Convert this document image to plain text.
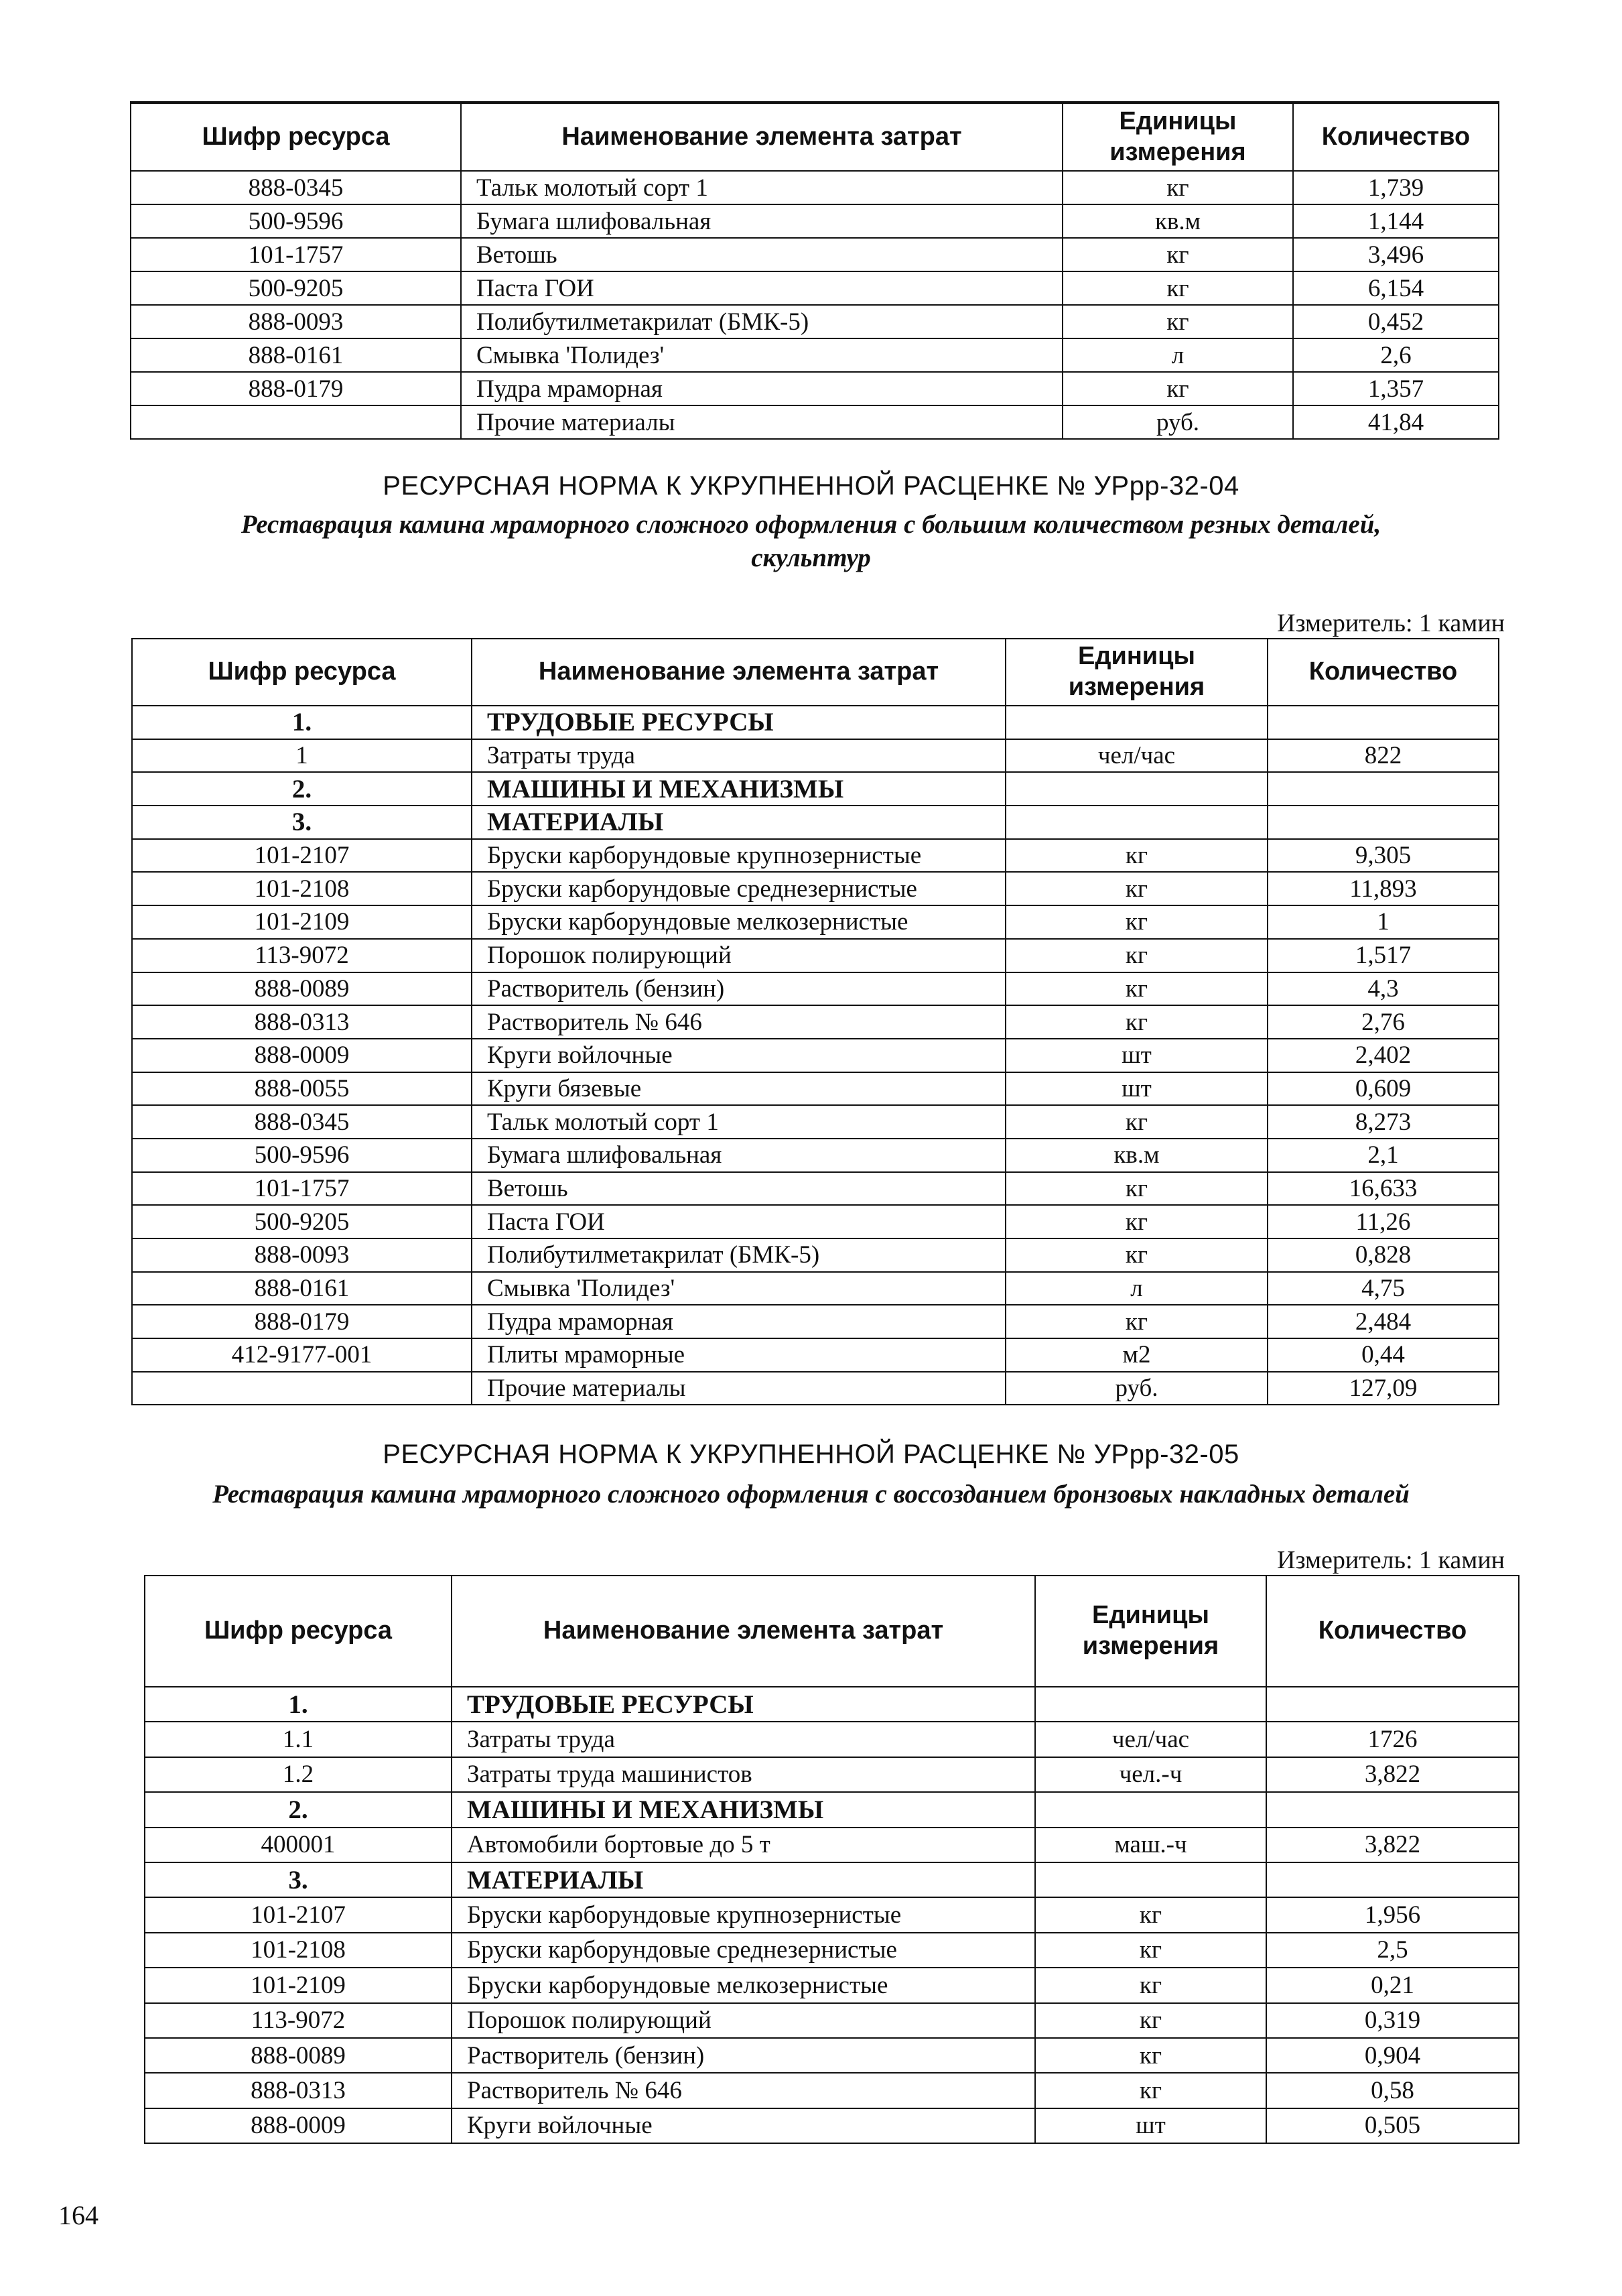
Шифр ресурса	Наименование элемента затрат	Единицы измерения	Количество
888-0345	Тальк молотый сорт 1	кг	1,739
500-9596	Бумага шлифовальная	кв.м	1,144
101-1757	Ветошь	кг	3,496
500-9205	Паста ГОИ	кг	6,154
888-0093	Полибутилметакрилат (БМК-5)	кг	0,452
888-0161	Смывка 'Полидез'	л	2,6
888-0179	Пудра мраморная	кг	1,357
	Прочие материалы	руб.	41,84
РЕСУРСНАЯ НОРМА К УКРУПНЕННОЙ РАСЦЕНКЕ № УРрр-32-04
Реставрация камина мраморного сложного оформления с большим количеством резных деталей,
скульптур
Измеритель: 1 камин
Шифр ресурса	Наименование элемента затрат	Единицы измерения	Количество
1.	ТРУДОВЫЕ РЕСУРСЫ		
1	Затраты труда	чел/час	822
2.	МАШИНЫ И МЕХАНИЗМЫ		
3.	МАТЕРИАЛЫ		
101-2107	Бруски карборундовые крупнозернистые	кг	9,305
101-2108	Бруски карборундовые среднезернистые	кг	11,893
101-2109	Бруски карборундовые мелкозернистые	кг	1
113-9072	Порошок полирующий	кг	1,517
888-0089	Растворитель (бензин)	кг	4,3
888-0313	Растворитель № 646	кг	2,76
888-0009	Круги войлочные	шт	2,402
888-0055	Круги бязевые	шт	0,609
888-0345	Тальк молотый сорт 1	кг	8,273
500-9596	Бумага шлифовальная	кв.м	2,1
101-1757	Ветошь	кг	16,633
500-9205	Паста ГОИ	кг	11,26
888-0093	Полибутилметакрилат (БМК-5)	кг	0,828
888-0161	Смывка 'Полидез'	л	4,75
888-0179	Пудра мраморная	кг	2,484
412-9177-001	Плиты мраморные	м2	0,44
	Прочие материалы	руб.	127,09
РЕСУРСНАЯ НОРМА К УКРУПНЕННОЙ РАСЦЕНКЕ № УРрр-32-05
Реставрация камина мраморного сложного оформления с воссозданием бронзовых накладных деталей
Измеритель: 1 камин
Шифр ресурса	Наименование элемента затрат	Единицы измерения	Количество
1.	ТРУДОВЫЕ РЕСУРСЫ		
1.1	Затраты труда	чел/час	1726
1.2	Затраты труда машинистов	чел.-ч	3,822
2.	МАШИНЫ И МЕХАНИЗМЫ		
400001	Автомобили бортовые до 5 т	маш.-ч	3,822
3.	МАТЕРИАЛЫ		
101-2107	Бруски карборундовые крупнозернистые	кг	1,956
101-2108	Бруски карборундовые среднезернистые	кг	2,5
101-2109	Бруски карборундовые мелкозернистые	кг	0,21
113-9072	Порошок полирующий	кг	0,319
888-0089	Растворитель (бензин)	кг	0,904
888-0313	Растворитель № 646	кг	0,58
888-0009	Круги войлочные	шт	0,505
164
